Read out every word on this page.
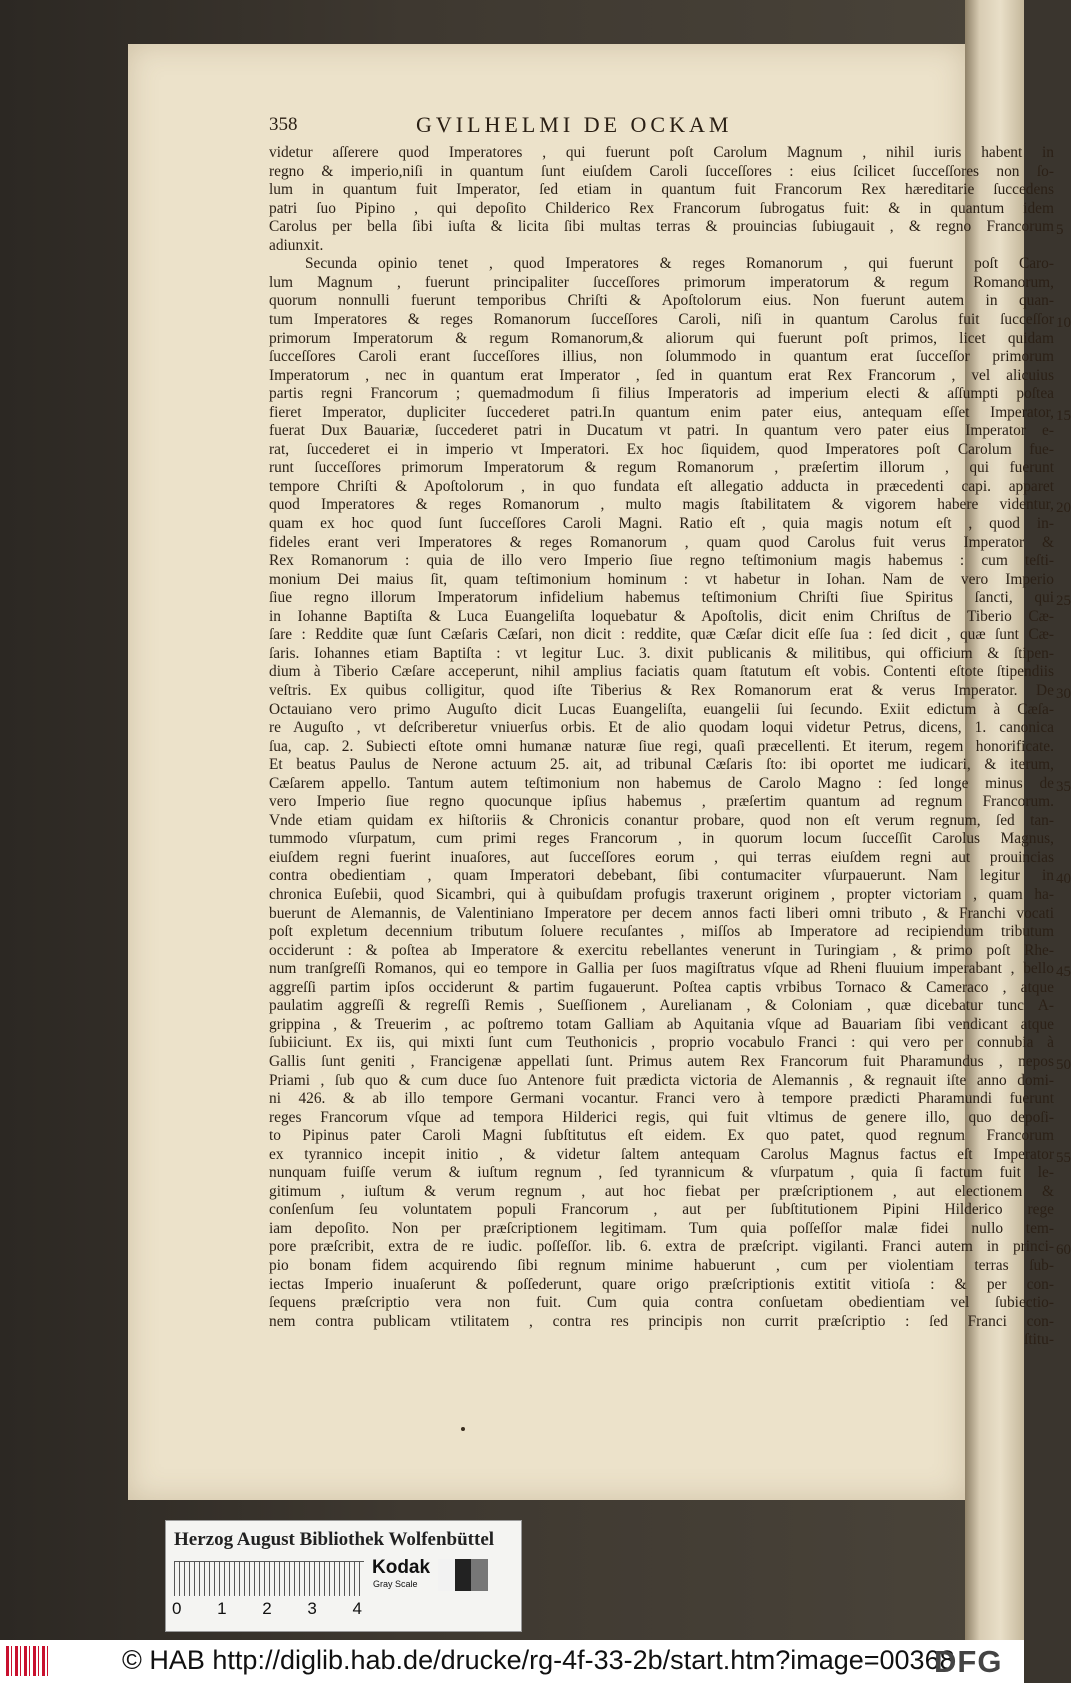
358	GVILHELMI DE OCKAM
videtur aſſerere quod Imperatores , qui fuerunt poſt Carolum Magnum , nihil iuris habent in
regno & imperio,niſi in quantum ſunt eiuſdem Caroli ſucceſſores : eius ſcilicet ſucceſſores non ſo-
lum in quantum fuit Imperator, ſed etiam in quantum fuit Francorum Rex hæreditarie ſuccedens
patri ſuo Pipino , qui depoſito Childerico Rex Francorum ſubrogatus fuit: & in quantum idem
Carolus per bella ſibi iuſta & licita ſibi multas terras & prouincias ſubiugauit , & regno Francorum
adiunxit.
Secunda opinio tenet , quod Imperatores & reges Romanorum , qui fuerunt poſt Caro-
lum Magnum , fuerunt principaliter ſucceſſores primorum imperatorum & regum Romanorum,
quorum nonnulli fuerunt temporibus Chriſti & Apoſtolorum eius. Non fuerunt autem in quan-
tum Imperatores & reges Romanorum ſucceſſores Caroli, niſi in quantum Carolus fuit ſucceſſor
primorum Imperatorum & regum Romanorum,& aliorum qui fuerunt poſt primos, licet quidam
ſucceſſores Caroli erant ſucceſſores illius, non ſolummodo in quantum erat ſucceſſor primorum
Imperatorum , nec in quantum erat Imperator , ſed in quantum erat Rex Francorum , vel alicuius
partis regni Francorum ; quemadmodum ſi filius Imperatoris ad imperium electi & aſſumpti poſtea
fieret Imperator, dupliciter ſuccederet patri.In quantum enim pater eius, antequam eſſet Imperator,
fuerat Dux Bauariæ, ſuccederet patri in Ducatum vt patri. In quantum vero pater eius Imperator e-
rat, ſuccederet ei in imperio vt Imperatori. Ex hoc ſiquidem, quod Imperatores poſt Carolum fue-
runt ſucceſſores primorum Imperatorum & regum Romanorum , præſertim illorum , qui fuerunt
tempore Chriſti & Apoſtolorum , in quo fundata eſt allegatio adducta in præcedenti capi. apparet
quod Imperatores & reges Romanorum , multo magis ſtabilitatem & vigorem habere videntur,
quam ex hoc quod ſunt ſucceſſores Caroli Magni. Ratio eſt , quia magis notum eſt , quod in-
fideles erant veri Imperatores & reges Romanorum , quam quod Carolus fuit verus Imperator &
Rex Romanorum : quia de illo vero Imperio ſiue regno teſtimonium magis habemus : cum teſti-
monium Dei maius ſit, quam teſtimonium hominum : vt habetur in Iohan. Nam de vero Imperio
ſiue regno illorum Imperatorum infidelium habemus teſtimonium Chriſti ſiue Spiritus ſancti, qui
in Iohanne Baptiſta & Luca Euangeliſta loquebatur & Apoſtolis, dicit enim Chriſtus de Tiberio Cæ-
ſare : Reddite quæ ſunt Cæſaris Cæſari, non dicit : reddite, quæ Cæſar dicit eſſe ſua : ſed dicit , quæ ſunt Cæ-
ſaris. Iohannes etiam Baptiſta : vt legitur Luc. 3. dixit publicanis & militibus, qui officium & ſtipen-
dium à Tiberio Cæſare acceperunt, nihil amplius faciatis quam ſtatutum eſt vobis. Contenti eſtote ſtipendiis
veſtris. Ex quibus colligitur, quod iſte Tiberius & Rex Romanorum erat & verus Imperator. De
Octauiano vero primo Auguſto dicit Lucas Euangeliſta, euangelii ſui ſecundo. Exiit edictum à Cæſa-
re Auguſto , vt deſcriberetur vniuerſus orbis. Et de alio quodam loqui videtur Petrus, dicens, 1. canonica
ſua, cap. 2. Subiecti eſtote omni humanæ naturæ ſiue regi, quaſi præcellenti. Et iterum, regem honorificate.
Et beatus Paulus de Nerone actuum 25. ait, ad tribunal Cæſaris ſto: ibi oportet me iudicari, & iterum,
Cæſarem appello. Tantum autem teſtimonium non habemus de Carolo Magno : ſed longe minus de
vero Imperio ſiue regno quocunque ipſius habemus , præſertim quantum ad regnum Francorum.
Vnde etiam quidam ex hiſtoriis & Chronicis conantur probare, quod non eſt verum regnum, ſed tan-
tummodo vſurpatum, cum primi reges Francorum , in quorum locum ſucceſſit Carolus Magnus,
eiuſdem regni fuerint inuaſores, aut ſucceſſores eorum , qui terras eiuſdem regni aut prouincias
contra obedientiam , quam Imperatori debebant, ſibi contumaciter vſurpauerunt. Nam legitur in
chronica Euſebii, quod Sicambri, qui à quibuſdam profugis traxerunt originem , propter victoriam , quam ha-
buerunt de Alemannis, de Valentiniano Imperatore per decem annos facti liberi omni tributo , & Franchi vocati
poſt expletum decennium tributum ſoluere recuſantes , miſſos ab Imperatore ad recipiendum tributum
occiderunt : & poſtea ab Imperatore & exercitu rebellantes venerunt in Turingiam , & primo poſt Rhe-
num tranſgreſſi Romanos, qui eo tempore in Gallia per ſuos magiſtratus vſque ad Rheni fluuium imperabant , bello
aggreſſi partim ipſos occiderunt & partim fugauerunt. Poſtea captis vrbibus Tornaco & Cameraco , atque
paulatim aggreſſi & regreſſi Remis , Sueſſionem , Aurelianam , & Coloniam , quæ dicebatur tunc A-
grippina , & Treuerim , ac poſtremo totam Galliam ab Aquitania vſque ad Bauariam ſibi vendicant atque
ſubiiciunt. Ex iis, qui mixti ſunt cum Teuthonicis , proprio vocabulo Franci : qui vero per connubia à
Gallis ſunt geniti , Francigenæ appellati ſunt. Primus autem Rex Francorum fuit Pharamundus , nepos
Priami , ſub quo & cum duce ſuo Antenore fuit prædicta victoria de Alemannis , & regnauit iſte anno domi-
ni 426. & ab illo tempore Germani vocantur. Franci vero à tempore prædicti Pharamundi fuerunt
reges Francorum vſque ad tempora Hilderici regis, qui fuit vltimus de genere illo, quo depoſi-
to Pipinus pater Caroli Magni ſubſtitutus eſt eidem. Ex quo patet, quod regnum Francorum
ex tyrannico incepit initio , & videtur ſaltem antequam Carolus Magnus factus eſt Imperator
nunquam fuiſſe verum & iuſtum regnum , ſed tyrannicum & vſurpatum , quia ſi factum fuit le-
gitimum , iuſtum & verum regnum , aut hoc fiebat per præſcriptionem , aut electionem &
conſenſum ſeu voluntatem populi Francorum , aut per ſubſtitutionem Pipini Hilderico rege
iam depoſito. Non per præſcriptionem legitimam. Tum quia poſſeſſor malæ fidei nullo tem-
pore præſcribit, extra de re iudic. poſſeſſor. lib. 6. extra de præſcript. vigilanti. Franci autem in princi-
pio bonam fidem acquirendo ſibi regnum minime habuerunt , cum per violentiam terras ſub-
iectas Imperio inuaſerunt & poſſederunt, quare origo præſcriptionis extitit vitioſa : & per con-
ſequens præſcriptio vera non fuit. Cum quia contra conſuetam obedientiam vel ſubiectio-
nem contra publicam vtilitatem , contra res principis non currit præſcriptio : ſed Franci con-
ſtitu-
5
10
15
20
25
30
35
40
45
50
55
60
Herzog August Bibliothek Wolfenbüttel
0 1 2 3 4
Kodak
Gray Scale
© HAB http://diglib.hab.de/drucke/rg-4f-33-2b/start.htm?image=00368
DFG
